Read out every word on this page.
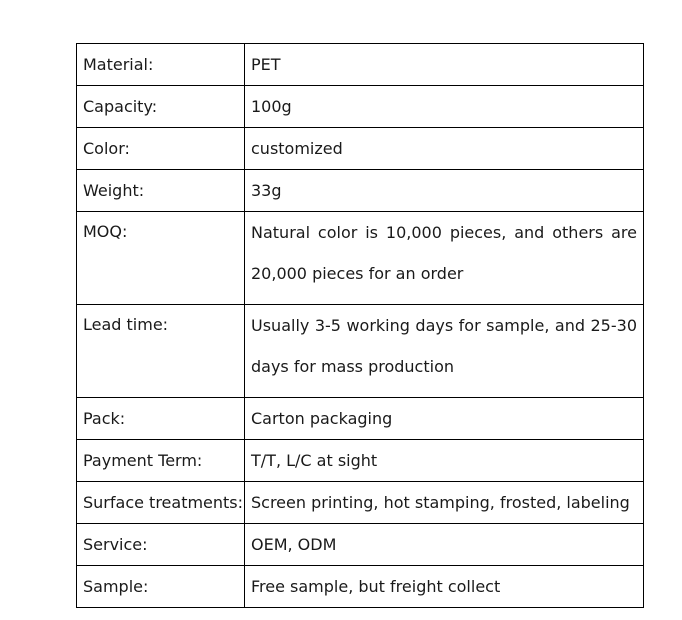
Material:	PET
Capacity:	100g
Color:	customized
Weight:	33g
MOQ:	Natural color is 10,000 pieces, and others are
20,000 pieces for an order

Lead time:	Usually 3-5 working days for sample, and 25-30
days for mass production

Pack:	Carton packaging
Payment Term:	T/T, L/C at sight
Surface treatments:	Screen printing, hot stamping, frosted, labeling
Service:	OEM, ODM
Sample:	Free sample, but freight collect
